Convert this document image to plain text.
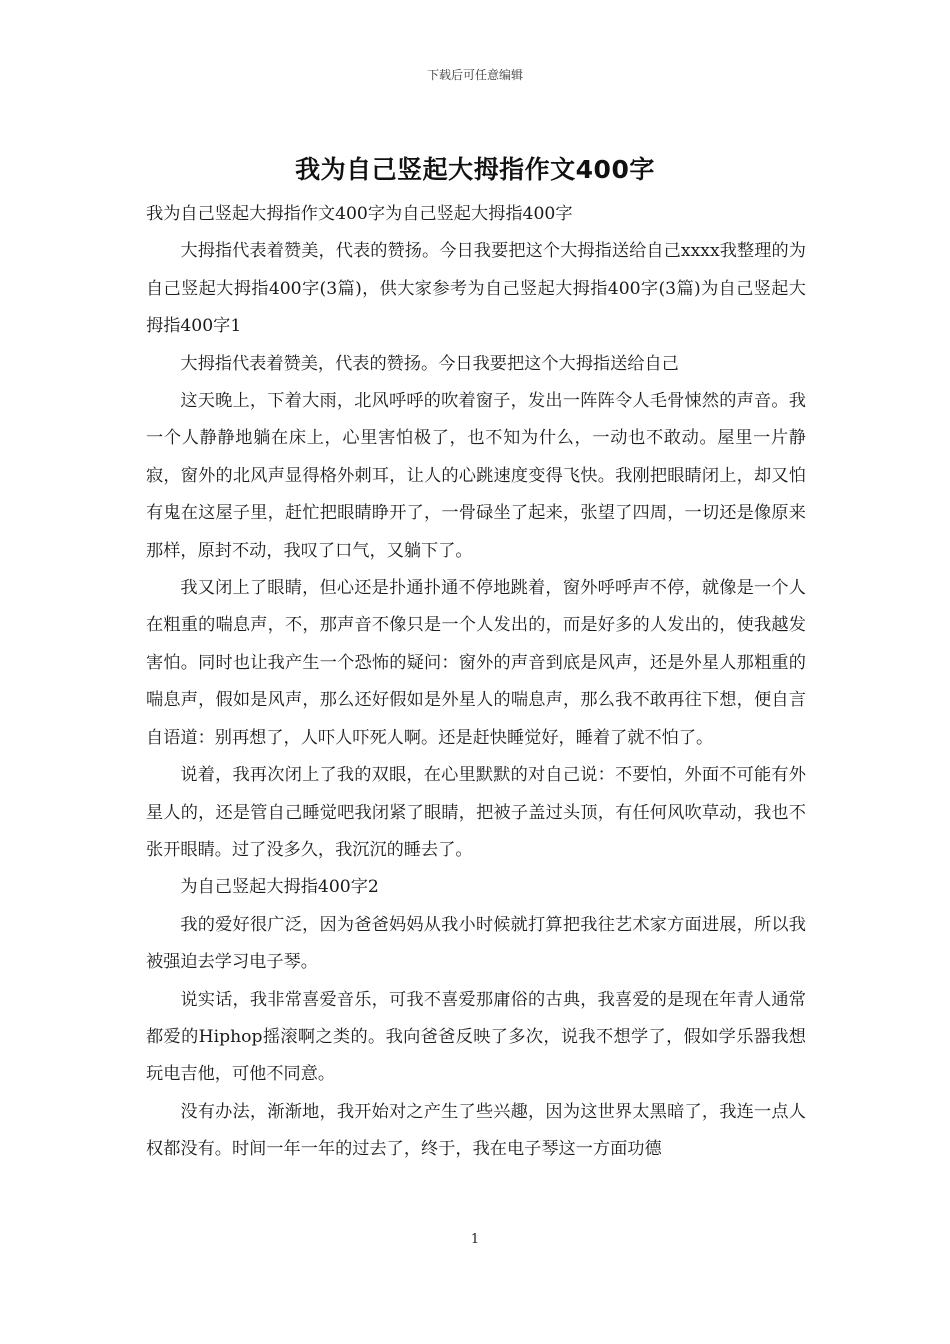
下载后可任意编辑
我为自己竖起大拇指作文400字

我为自己竖起大拇指作文400字为自己竖起大拇指400字

大拇指代表着赞美，代表的赞扬。今日我要把这个大拇指送给自己xxxx我整理的为自己竖起大拇指400字(3篇)，供大家参考为自己竖起大拇指400字(3篇)为自己竖起大拇指400字1

大拇指代表着赞美，代表的赞扬。今日我要把这个大拇指送给自己

这天晚上，下着大雨，北风呼呼的吹着窗子，发出一阵阵令人毛骨悚然的声音。我一个人静静地躺在床上，心里害怕极了，也不知为什么，一动也不敢动。屋里一片静寂，窗外的北风声显得格外刺耳，让人的心跳速度变得飞快。我刚把眼睛闭上，却又怕有鬼在这屋子里，赶忙把眼睛睁开了，一骨碌坐了起来，张望了四周，一切还是像原来那样，原封不动，我叹了口气，又躺下了。

我又闭上了眼睛，但心还是扑通扑通不停地跳着，窗外呼呼声不停，就像是一个人在粗重的喘息声，不，那声音不像只是一个人发出的，而是好多的人发出的，使我越发害怕。同时也让我产生一个恐怖的疑问：窗外的声音到底是风声，还是外星人那粗重的喘息声，假如是风声，那么还好假如是外星人的喘息声，那么我不敢再往下想，便自言自语道：别再想了，人吓人吓死人啊。还是赶快睡觉好，睡着了就不怕了。

说着，我再次闭上了我的双眼，在心里默默的对自己说：不要怕，外面不可能有外星人的，还是管自己睡觉吧我闭紧了眼睛，把被子盖过头顶，有任何风吹草动，我也不张开眼睛。过了没多久，我沉沉的睡去了。

为自己竖起大拇指400字2

我的爱好很广泛，因为爸爸妈妈从我小时候就打算把我往艺术家方面进展，所以我被强迫去学习电子琴。

说实话，我非常喜爱音乐，可我不喜爱那庸俗的古典，我喜爱的是现在年青人通常都爱的Hiphop摇滚啊之类的。我向爸爸反映了多次，说我不想学了，假如学乐器我想玩电吉他，可他不同意。

没有办法，渐渐地，我开始对之产生了些兴趣，因为这世界太黑暗了，我连一点人权都没有。时间一年一年的过去了，终于，我在电子琴这一方面功德

1
